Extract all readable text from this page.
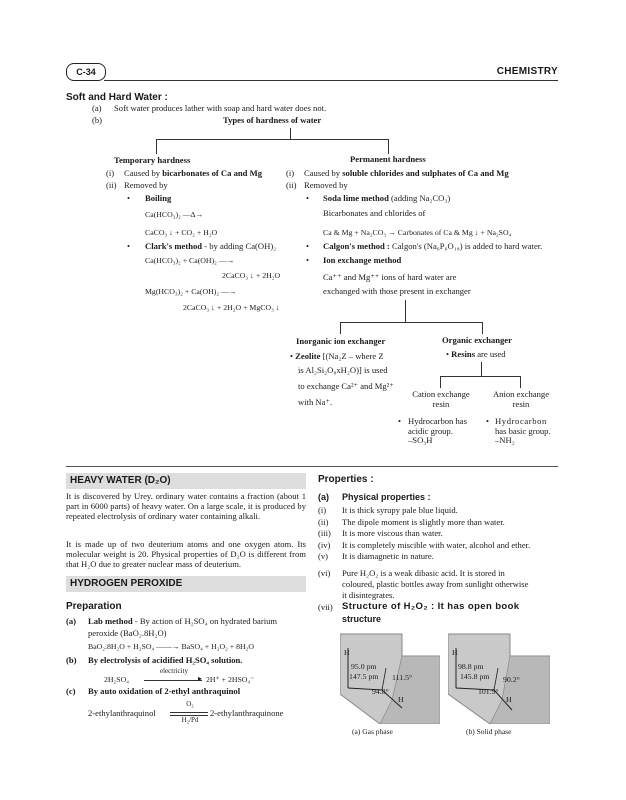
C-34	CHEMISTRY
Soft and Hard Water :
(a) Soft water produces lather with soap and hard water does not.
(b)	Types of hardness of water
Temporary hardness
(i) Caused by bicarbonates of Ca and Mg
(ii) Removed by
• Boiling
Ca(HCO₃)₂ —Δ→
CaCO₃ ↓ + CO₂ + H₂O
• Clark's method - by adding Ca(OH)₂
Ca(HCO₃)₂ + Ca(OH)₂ —→
2CaCO₃ ↓ + 2H₂O
Mg(HCO₃)₂ + Ca(OH)₂ —→
2CaCO₃ ↓ + 2H₂O + MgCO₃ ↓
Permanent hardness
(i) Caused by soluble chlorides and sulphates of Ca and Mg
(ii) Removed by
• Soda lime method (adding Na₂CO₃)
Bicarbonates and chlorides of
Ca & Mg + Na₂CO₃ → Carbonates of Ca & Mg ↓ + Na₂SO₄
• Calgon's method : Calgon's (Na₆P₆O₁₈) is added to hard water.
• Ion exchange method
Ca⁺⁺ and Mg⁺⁺ ions of hard water are
exchanged with those present in exchanger
Inorganic ion exchanger
• Zeolite [(Na₂Z – where Z
is Al₂Si₂O₈xH₂O)] is used
to exchange Ca²⁺ and Mg²⁺
with Na⁺.
Organic exchanger
• Resins are used
Cation exchange
resin
Anion exchange
resin
• Hydrocarbon has
acidic group.
–SO₃H
• Hydrocarbon
has basic group.
–NH₂
HEAVY WATER (D₂O)
It is discovered by Urey. ordinary water contains a fraction (about 1 part in 6000 parts) of heavy water. On a large scale, it is produced by repeated electrolysis of ordinary water containing alkali.
It is made up of two deuterium atoms and one oxygen atom. Its molecular weight is 20. Physical properties of D₂O is different from that H₂O due to greater nuclear mass of deuterium.
HYDROGEN PEROXIDE
Preparation
(a) Lab method - By action of H₂SO₄ on hydrated barium
peroxide (BaO₂.8H₂O)
BaO₂.8H₂O + H₂SO₄ ——→ BaSO₄ + H₂O₂ + 8H₂O
(b) By electrolysis of acidified H₂SO₄ solution.
2H₂SO₄
electricity
▸ 2H⁺ + 2HSO₄⁻
(c) By auto oxidation of 2-ethyl anthraquinol
2-ethylanthraquinol
O₂
H₂/Pd
2-ethylanthraquinone
Properties :
(a) Physical properties :
(i) It is thick syrupy pale blue liquid.
(ii) The dipole moment is slightly more than water.
(iii) It is more viscous than water.
(iv) It is completely miscible with water, alcohol and ether.
(v) It is diamagnetic in nature.
(vi) Pure H₂O₂ is a weak dibasic acid. It is stored in
coloured, plastic bottles away from sunlight otherwise
it disintegrates.
(vii) Structure of H₂O₂ : It has open book
structure
H
95.0 pm
147.5 pm 111.5°
94.8°
H
(a) Gas phase
H
98.8 pm
145.8 pm 90.2°
101.9°
H
(b) Solid phase
